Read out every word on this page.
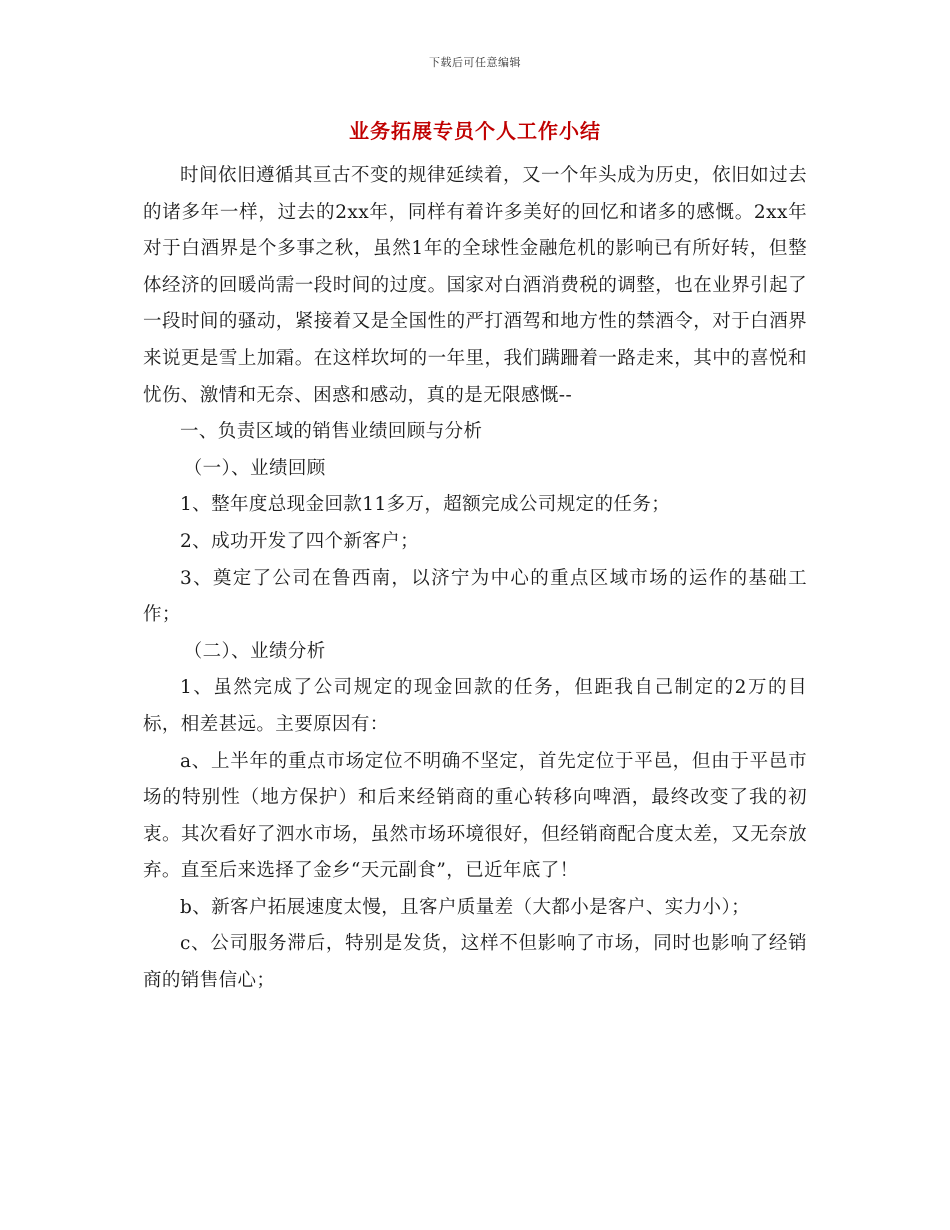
下载后可任意编辑
业务拓展专员个人工作小结

时间依旧遵循其亘古不变的规律延续着，又一个年头成为历史，依旧如过去的诸多年一样，过去的2xx年，同样有着许多美好的回忆和诸多的感慨。2xx年对于白酒界是个多事之秋，虽然1年的全球性金融危机的影响已有所好转，但整体经济的回暖尚需一段时间的过度。国家对白酒消费税的调整，也在业界引起了一段时间的骚动，紧接着又是全国性的严打酒驾和地方性的禁酒令，对于白酒界来说更是雪上加霜。在这样坎坷的一年里，我们蹒跚着一路走来，其中的喜悦和忧伤、激情和无奈、困惑和感动，真的是无限感慨--

一、负责区域的销售业绩回顾与分析

（一）、业绩回顾

1、整年度总现金回款11多万，超额完成公司规定的任务；

2、成功开发了四个新客户；

3、奠定了公司在鲁西南，以济宁为中心的重点区域市场的运作的基础工作；

（二）、业绩分析

1、虽然完成了公司规定的现金回款的任务，但距我自己制定的2万的目标，相差甚远。主要原因有：

a、上半年的重点市场定位不明确不坚定，首先定位于平邑，但由于平邑市场的特别性（地方保护）和后来经销商的重心转移向啤酒，最终改变了我的初衷。其次看好了泗水市场，虽然市场环境很好，但经销商配合度太差，又无奈放弃。直至后来选择了金乡“天元副食”，已近年底了！

b、新客户拓展速度太慢，且客户质量差（大都小是客户、实力小）；

c、公司服务滞后，特别是发货，这样不但影响了市场，同时也影响了经销商的销售信心；
